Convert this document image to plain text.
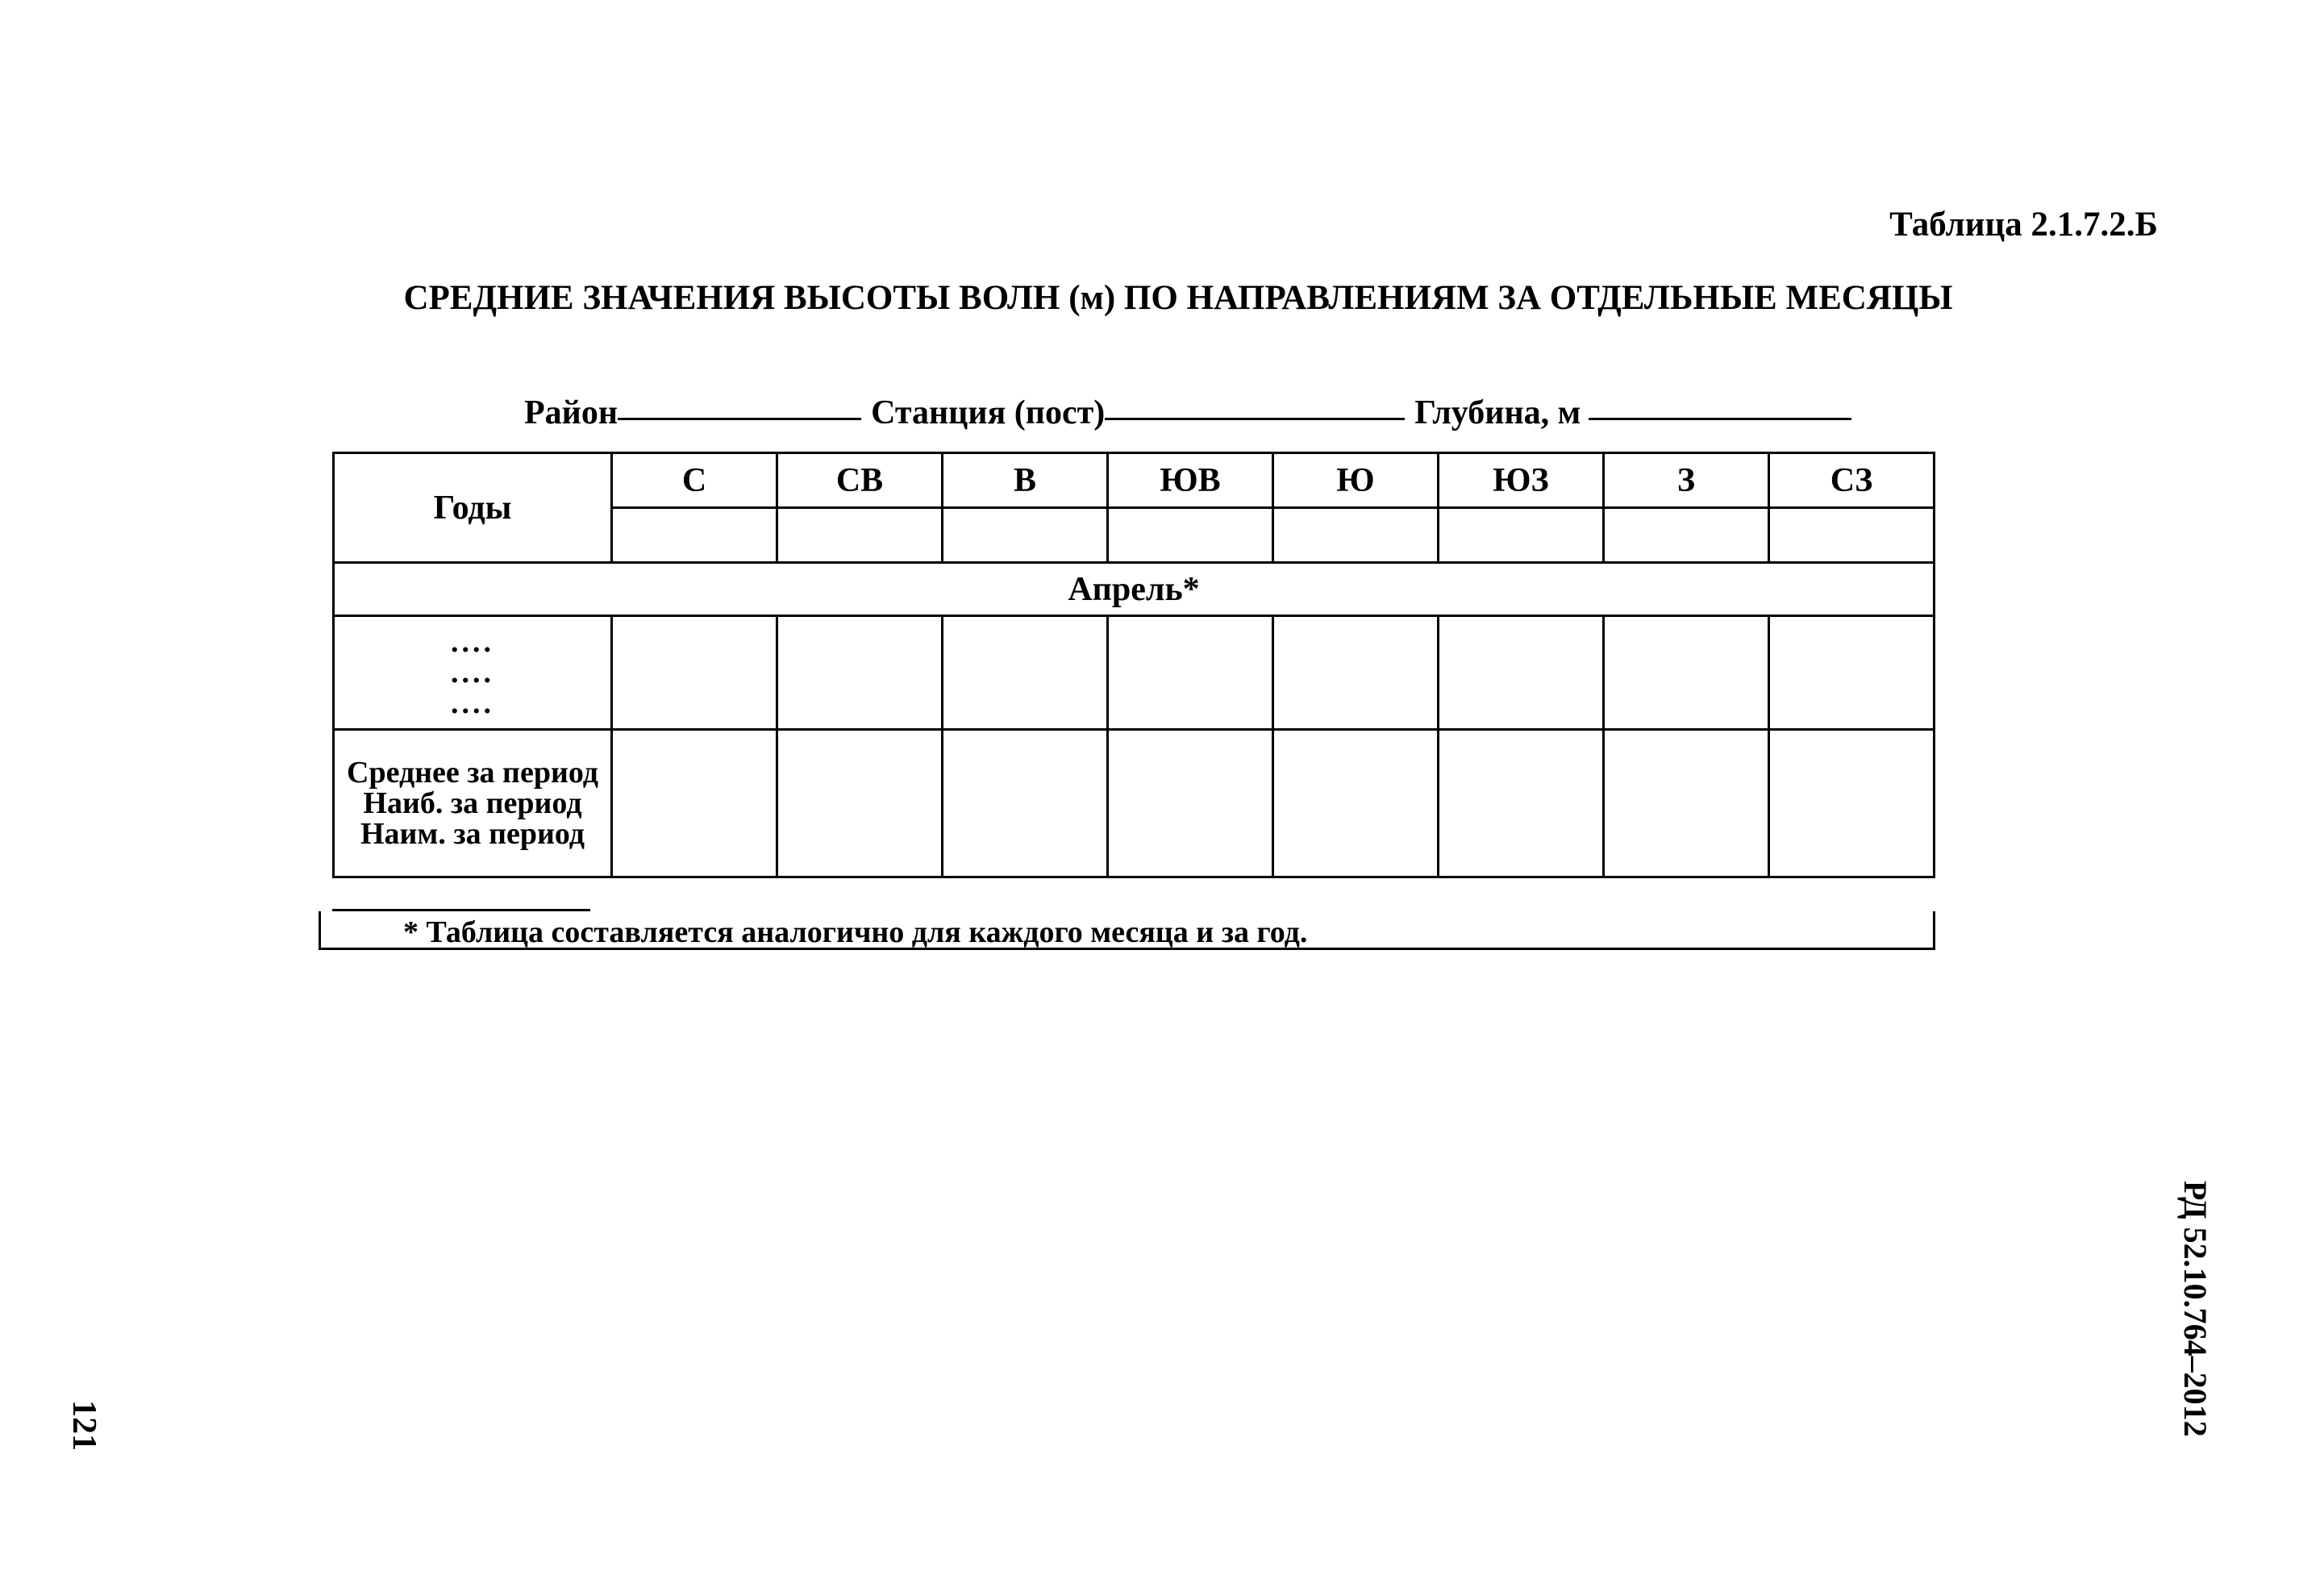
Таблица 2.1.7.2.Б
СРЕДНИЕ ЗНАЧЕНИЯ ВЫСОТЫ ВОЛН (м) ПО НАПРАВЛЕНИЯМ ЗА ОТДЕЛЬНЫЕ МЕСЯЦЫ
Район	Станция (пост)	Глубина, м
Годы	С	СВ	В	ЮВ	Ю	ЮЗ	З	СЗ

Апрель*								

....
....
....								

Среднее за период
Наиб. за период
Наим. за период								

* Таблица составляется аналогично для каждого месяца и за год.
РД 52.10.764–2012
121
